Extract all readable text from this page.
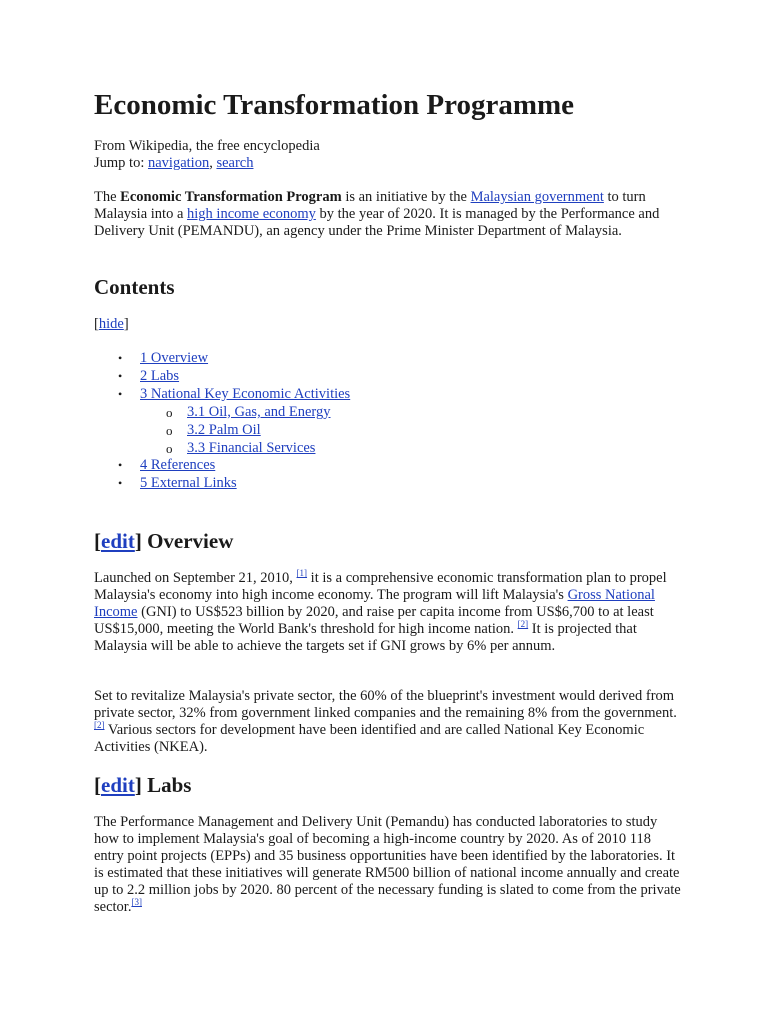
Economic Transformation Programme
From Wikipedia, the free encyclopedia
Jump to: navigation, search

The Economic Transformation Program is an initiative by the Malaysian government to turn Malaysia into a high income economy by the year of 2020. It is managed by the Performance and Delivery Unit (PEMANDU), an agency under the Prime Minister Department of Malaysia.

Contents
[hide]
• 1 Overview
• 2 Labs
• 3 National Key Economic Activities
o 3.1 Oil, Gas, and Energy
o 3.2 Palm Oil
o 3.3 Financial Services
• 4 References
• 5 External Links
[edit] Overview

Launched on September 21, 2010, [1] it is a comprehensive economic transformation plan to propel Malaysia's economy into high income economy. The program will lift Malaysia's Gross National Income (GNI) to US$523 billion by 2020, and raise per capita income from US$6,700 to at least US$15,000, meeting the World Bank's threshold for high income nation. [2] It is projected that Malaysia will be able to achieve the targets set if GNI grows by 6% per annum.

Set to revitalize Malaysia's private sector, the 60% of the blueprint's investment would derived from private sector, 32% from government linked companies and the remaining 8% from the government. [2] Various sectors for development have been identified and are called National Key Economic Activities (NKEA).

[edit] Labs

The Performance Management and Delivery Unit (Pemandu) has conducted laboratories to study how to implement Malaysia's goal of becoming a high-income country by 2020. As of 2010 118 entry point projects (EPPs) and 35 business opportunities have been identified by the laboratories. It is estimated that these initiatives will generate RM500 billion of national income annually and create up to 2.2 million jobs by 2020. 80 percent of the necessary funding is slated to come from the private sector.[3]
